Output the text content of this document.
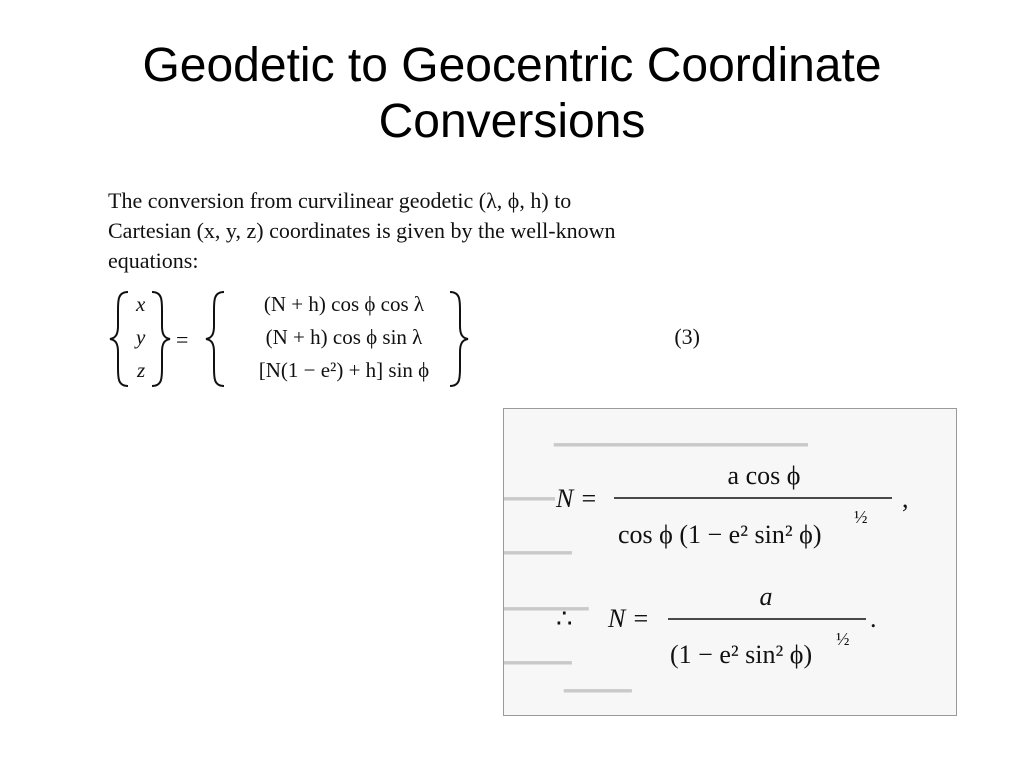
Geodetic to Geocentric Coordinate
Conversions

The conversion from curvilinear geodetic (λ, ϕ, h) to

Cartesian (x, y, z) coordinates is given by the well-known

equations:

x
y
z
=
(N + h) cos ϕ cos λ
(N + h) cos ϕ sin λ
[N(1 − e²) + h] sin ϕ
(3)
▁▁▁▁▁▁▁▁▁▁▁▁▁▁▁
▁▁▁
▁▁▁▁
▁▁▁▁▁
▁▁▁▁
▁▁▁▁
N =
a cos ϕ
cos ϕ (1 − e² sin² ϕ)
½
,
∴ N =
a
(1 − e² sin² ϕ)
½
.
